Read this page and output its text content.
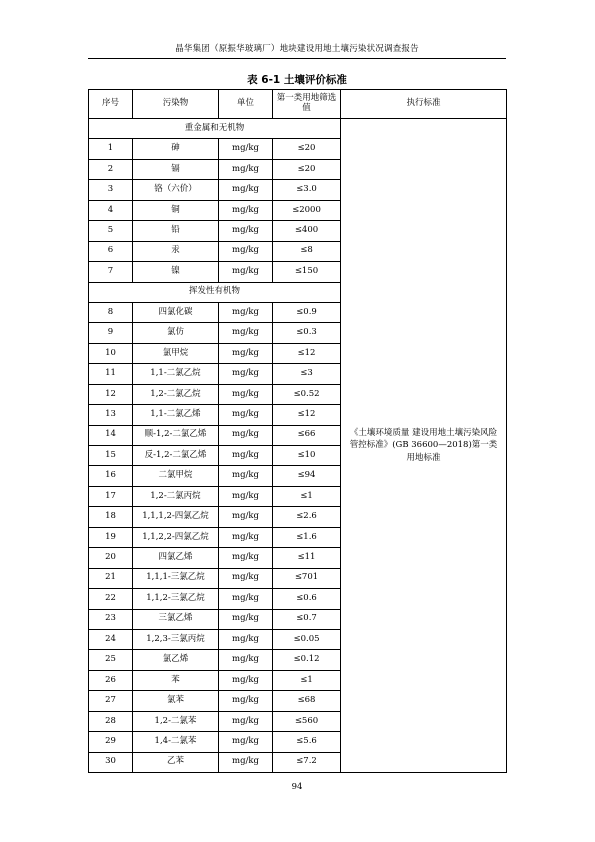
晶华集团（原振华玻璃厂）地块建设用地土壤污染状况调查报告
表 6-1 土壤评价标准
序号	污染物	单位	第一类用地筛选值	执行标准
重金属和无机物				《土壤环境质量 建设用地土壤污染风险管控标准》(GB 36600—2018)第一类用地标准
1	砷	mg/kg	≤20	
2	镉	mg/kg	≤20	
3	铬（六价）	mg/kg	≤3.0	
4	铜	mg/kg	≤2000	
5	铅	mg/kg	≤400	
6	汞	mg/kg	≤8	
7	镍	mg/kg	≤150	
挥发性有机物				
8	四氯化碳	mg/kg	≤0.9	
9	氯仿	mg/kg	≤0.3	
10	氯甲烷	mg/kg	≤12	
11	1,1-二氯乙烷	mg/kg	≤3	
12	1,2-二氯乙烷	mg/kg	≤0.52	
13	1,1-二氯乙烯	mg/kg	≤12	
14	顺-1,2-二氯乙烯	mg/kg	≤66	
15	反-1,2-二氯乙烯	mg/kg	≤10	
16	二氯甲烷	mg/kg	≤94	
17	1,2-二氯丙烷	mg/kg	≤1	
18	1,1,1,2-四氯乙烷	mg/kg	≤2.6	
19	1,1,2,2-四氯乙烷	mg/kg	≤1.6	
20	四氯乙烯	mg/kg	≤11	
21	1,1,1-三氯乙烷	mg/kg	≤701	
22	1,1,2-三氯乙烷	mg/kg	≤0.6	
23	三氯乙烯	mg/kg	≤0.7	
24	1,2,3-三氯丙烷	mg/kg	≤0.05	
25	氯乙烯	mg/kg	≤0.12	
26	苯	mg/kg	≤1	
27	氯苯	mg/kg	≤68	
28	1,2-二氯苯	mg/kg	≤560	
29	1,4-二氯苯	mg/kg	≤5.6	
30	乙苯	mg/kg	≤7.2	
94
